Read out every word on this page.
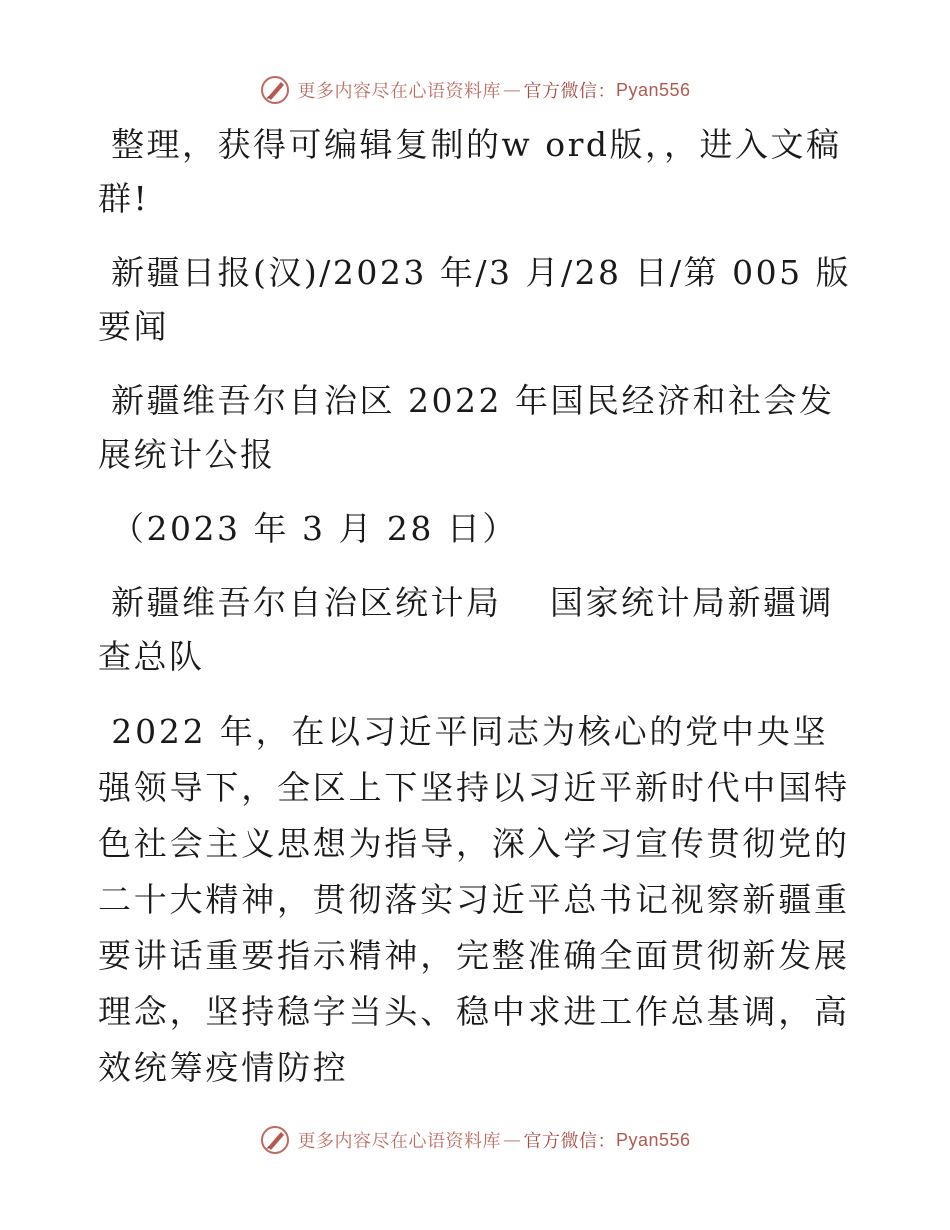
更多内容尽在心语资料库 — 官方微信： Pyan556

整理，获得可编辑复制的w ord版，，进入文稿群!

新疆日报(汉)/2023 年/3 月/28 日/第 005 版要闻

新疆维吾尔自治区 2022 年国民经济和社会发展统计公报

（2023 年 3 月 28 日）

新疆维吾尔自治区统计局　 国家统计局新疆调查总队

2022 年，在以习近平同志为核心的党中央坚强领导下，全区上下坚持以习近平新时代中国特色社会主义思想为指导，深入学习宣传贯彻党的二十大精神，贯彻落实习近平总书记视察新疆重要讲话重要指示精神，完整准确全面贯彻新发展理念，坚持稳字当头、稳中求进工作总基调，高效统筹疫情防控

更多内容尽在心语资料库 — 官方微信： Pyan556
